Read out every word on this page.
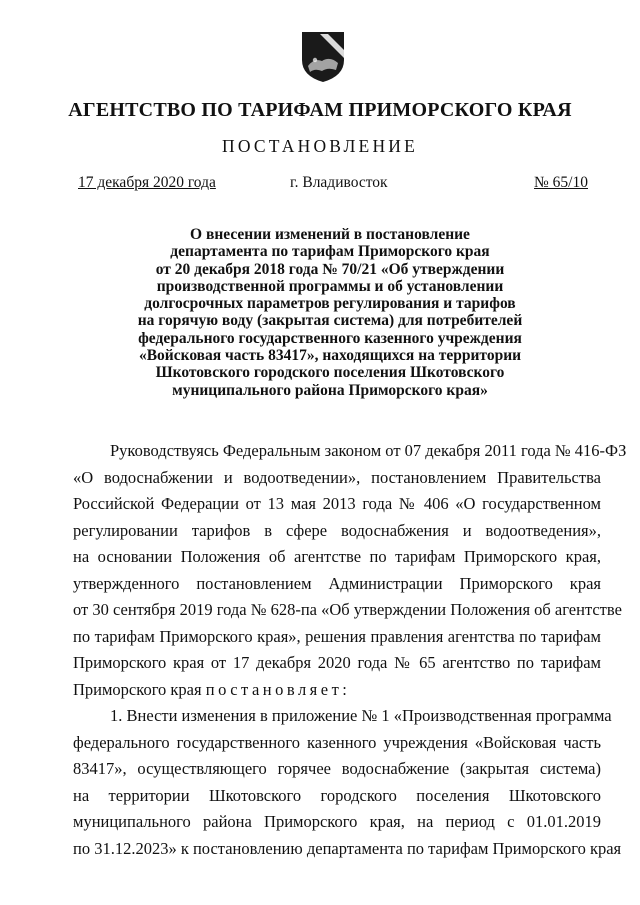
АГЕНТСТВО ПО ТАРИФАМ ПРИМОРСКОГО КРАЯ
ПОСТАНОВЛЕНИЕ
17 декабря 2020 года	г. Владивосток	№ 65/10
О внесении изменений в постановление
департамента по тарифам Приморского края
от 20 декабря 2018 года № 70/21 «Об утверждении
производственной программы и об установлении
долгосрочных параметров регулирования и тарифов
на горячую воду (закрытая система) для потребителей
федерального государственного казенного учреждения
«Войсковая часть 83417», находящихся на территории
Шкотовского городского поселения Шкотовского
муниципального района Приморского края»
Руководствуясь Федеральным законом от 07 декабря 2011 года № 416-ФЗ
«О водоснабжении и водоотведении», постановлением Правительства
Российской Федерации от 13 мая 2013 года № 406 «О государственном
регулировании тарифов в сфере водоснабжения и водоотведения»,
на основании Положения об агентстве по тарифам Приморского края,
утвержденного постановлением Администрации Приморского края
от 30 сентября 2019 года № 628-па «Об утверждении Положения об агентстве
по тарифам Приморского края», решения правления агентства по тарифам
Приморского края от 17 декабря 2020 года № 65 агентство по тарифам
Приморского края постановляет:
1. Внести изменения в приложение № 1 «Производственная программа
федерального государственного казенного учреждения «Войсковая часть
83417», осуществляющего горячее водоснабжение (закрытая система)
на территории Шкотовского городского поселения Шкотовского
муниципального района Приморского края, на период с 01.01.2019
по 31.12.2023» к постановлению департамента по тарифам Приморского края
